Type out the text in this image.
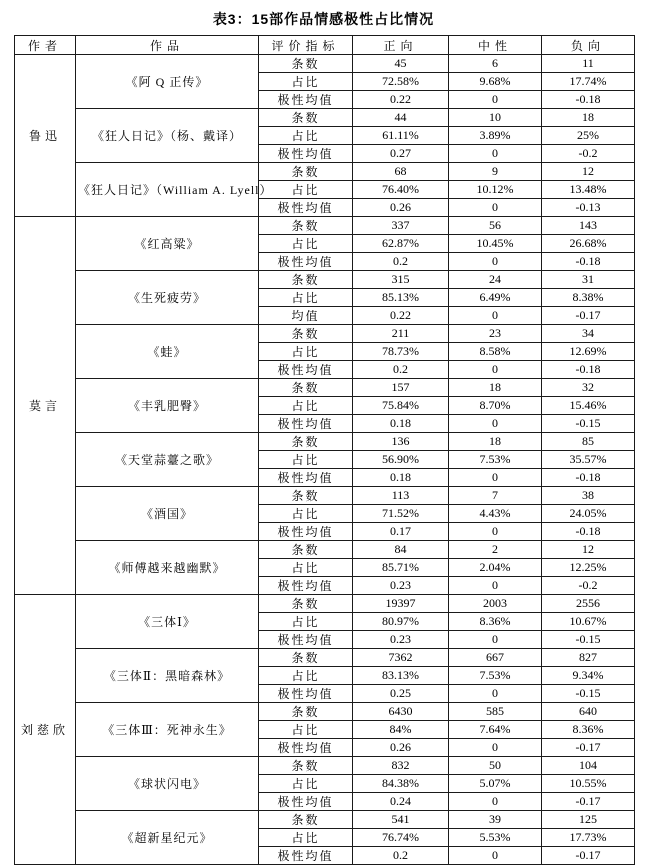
表3：15部作品情感极性占比情况
作者	作品	评价指标	正向	中性	负向
鲁迅	《阿 Q 正传》	条数	45	6	11
		占比	72.58%	9.68%	17.74%
		极性均值	0.22	0	-0.18
	《狂人日记》（杨、戴译）	条数	44	10	18
		占比	61.11%	3.89%	25%
		极性均值	0.27	0	-0.2
	《狂人日记》（William A. Lyell）	条数	68	9	12
		占比	76.40%	10.12%	13.48%
		极性均值	0.26	0	-0.13
莫言	《红高粱》	条数	337	56	143
		占比	62.87%	10.45%	26.68%
		极性均值	0.2	0	-0.18
	《生死疲劳》	条数	315	24	31
		占比	85.13%	6.49%	8.38%
		均值	0.22	0	-0.17
	《蛙》	条数	211	23	34
		占比	78.73%	8.58%	12.69%
		极性均值	0.2	0	-0.18
	《丰乳肥臀》	条数	157	18	32
		占比	75.84%	8.70%	15.46%
		极性均值	0.18	0	-0.15
	《天堂蒜薹之歌》	条数	136	18	85
		占比	56.90%	7.53%	35.57%
		极性均值	0.18	0	-0.18
	《酒国》	条数	113	7	38
		占比	71.52%	4.43%	24.05%
		极性均值	0.17	0	-0.18
	《师傅越来越幽默》	条数	84	2	12
		占比	85.71%	2.04%	12.25%
		极性均值	0.23	0	-0.2
刘慈欣	《三体Ⅰ》	条数	19397	2003	2556
		占比	80.97%	8.36%	10.67%
		极性均值	0.23	0	-0.15
	《三体Ⅱ：黑暗森林》	条数	7362	667	827
		占比	83.13%	7.53%	9.34%
		极性均值	0.25	0	-0.15
	《三体Ⅲ：死神永生》	条数	6430	585	640
		占比	84%	7.64%	8.36%
		极性均值	0.26	0	-0.17
	《球状闪电》	条数	832	50	104
		占比	84.38%	5.07%	10.55%
		极性均值	0.24	0	-0.17
	《超新星纪元》	条数	541	39	125
		占比	76.74%	5.53%	17.73%
		极性均值	0.2	0	-0.17
